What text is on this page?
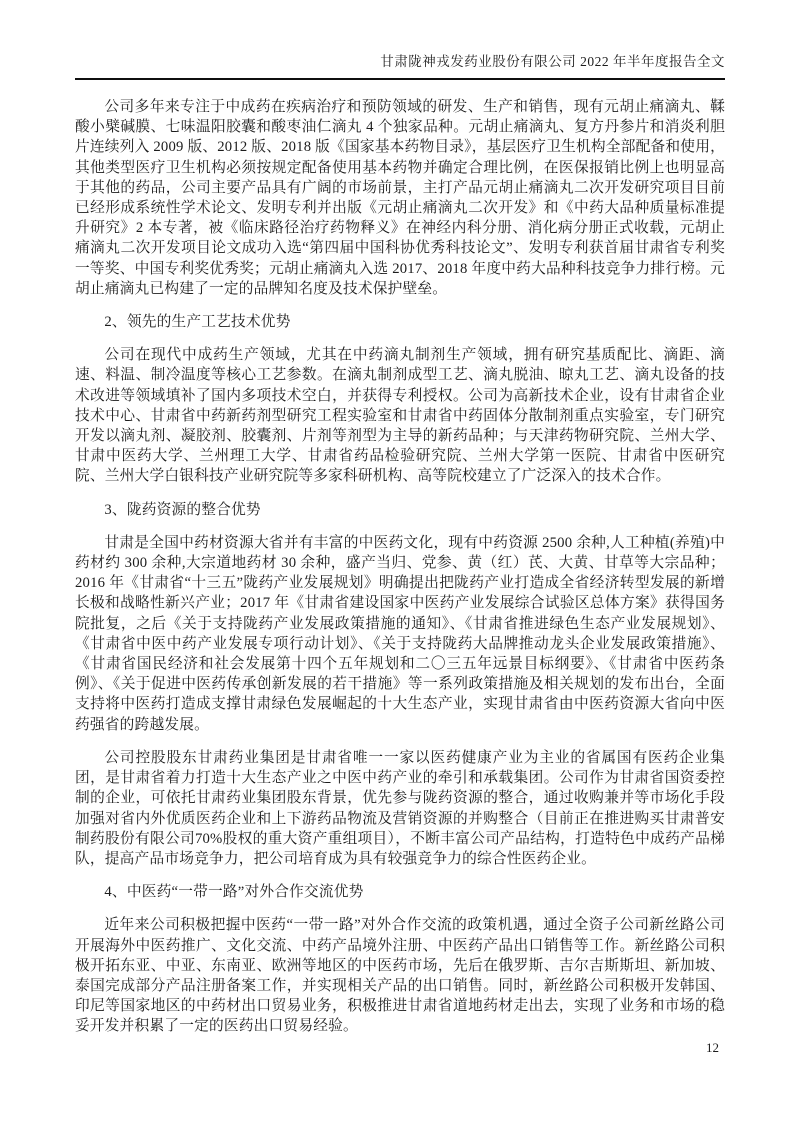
甘肃陇神戎发药业股份有限公司 2022 年半年度报告全文

公司多年来专注于中成药在疾病治疗和预防领域的研发、生产和销售，现有元胡止痛滴丸、鞣酸小檗碱膜、七味温阳胶囊和酸枣油仁滴丸 4 个独家品种。元胡止痛滴丸、复方丹参片和消炎利胆片连续列入 2009 版、2012 版、2018 版《国家基本药物目录》，基层医疗卫生机构全部配备和使用，其他类型医疗卫生机构必须按规定配备使用基本药物并确定合理比例，在医保报销比例上也明显高于其他的药品，公司主要产品具有广阔的市场前景，主打产品元胡止痛滴丸二次开发研究项目目前已经形成系统性学术论文、发明专利并出版《元胡止痛滴丸二次开发》和《中药大品种质量标准提升研究》2 本专著，被《临床路径治疗药物释义》在神经内科分册、消化病分册正式收载，元胡止痛滴丸二次开发项目论文成功入选“第四届中国科协优秀科技论文”、发明专利获首届甘肃省专利奖一等奖、中国专利奖优秀奖；元胡止痛滴丸入选 2017、2018 年度中药大品种科技竞争力排行榜。元胡止痛滴丸已构建了一定的品牌知名度及技术保护壁垒。

2、领先的生产工艺技术优势

公司在现代中成药生产领域，尤其在中药滴丸制剂生产领域，拥有研究基质配比、滴距、滴速、料温、制冷温度等核心工艺参数。在滴丸制剂成型工艺、滴丸脱油、晾丸工艺、滴丸设备的技术改进等领域填补了国内多项技术空白，并获得专利授权。公司为高新技术企业，设有甘肃省企业技术中心、甘肃省中药新药剂型研究工程实验室和甘肃省中药固体分散制剂重点实验室，专门研究开发以滴丸剂、凝胶剂、胶囊剂、片剂等剂型为主导的新药品种；与天津药物研究院、兰州大学、甘肃中医药大学、兰州理工大学、甘肃省药品检验研究院、兰州大学第一医院、甘肃省中医研究院、兰州大学白银科技产业研究院等多家科研机构、高等院校建立了广泛深入的技术合作。

3、陇药资源的整合优势

甘肃是全国中药材资源大省并有丰富的中医药文化，现有中药资源 2500 余种,人工种植(养殖)中药材约 300 余种,大宗道地药材 30 余种，盛产当归、党参、黄（红）芪、大黄、甘草等大宗品种；2016 年《甘肃省“十三五”陇药产业发展规划》明确提出把陇药产业打造成全省经济转型发展的新增长极和战略性新兴产业；2017 年《甘肃省建设国家中医药产业发展综合试验区总体方案》获得国务院批复，之后《关于支持陇药产业发展政策措施的通知》、《甘肃省推进绿色生态产业发展规划》、《甘肃省中医中药产业发展专项行动计划》、《关于支持陇药大品牌推动龙头企业发展政策措施》、《甘肃省国民经济和社会发展第十四个五年规划和二〇三五年远景目标纲要》、《甘肃省中医药条例》、《关于促进中医药传承创新发展的若干措施》等一系列政策措施及相关规划的发布出台，全面支持将中医药打造成支撑甘肃绿色发展崛起的十大生态产业，实现甘肃省由中医药资源大省向中医药强省的跨越发展。

公司控股股东甘肃药业集团是甘肃省唯一一家以医药健康产业为主业的省属国有医药企业集团，是甘肃省着力打造十大生态产业之中医中药产业的牵引和承载集团。公司作为甘肃省国资委控制的企业，可依托甘肃药业集团股东背景，优先参与陇药资源的整合，通过收购兼并等市场化手段加强对省内外优质医药企业和上下游药品物流及营销资源的并购整合（目前正在推进购买甘肃普安制药股份有限公司70%股权的重大资产重组项目），不断丰富公司产品结构，打造特色中成药产品梯队，提高产品市场竞争力，把公司培育成为具有较强竞争力的综合性医药企业。

4、中医药“一带一路”对外合作交流优势

近年来公司积极把握中医药“一带一路”对外合作交流的政策机遇，通过全资子公司新丝路公司开展海外中医药推广、文化交流、中药产品境外注册、中医药产品出口销售等工作。新丝路公司积极开拓东亚、中亚、东南亚、欧洲等地区的中医药市场，先后在俄罗斯、吉尔吉斯斯坦、新加坡、泰国完成部分产品注册备案工作，并实现相关产品的出口销售。同时，新丝路公司积极开发韩国、印尼等国家地区的中药材出口贸易业务，积极推进甘肃省道地药材走出去，实现了业务和市场的稳妥开发并积累了一定的医药出口贸易经验。

12
